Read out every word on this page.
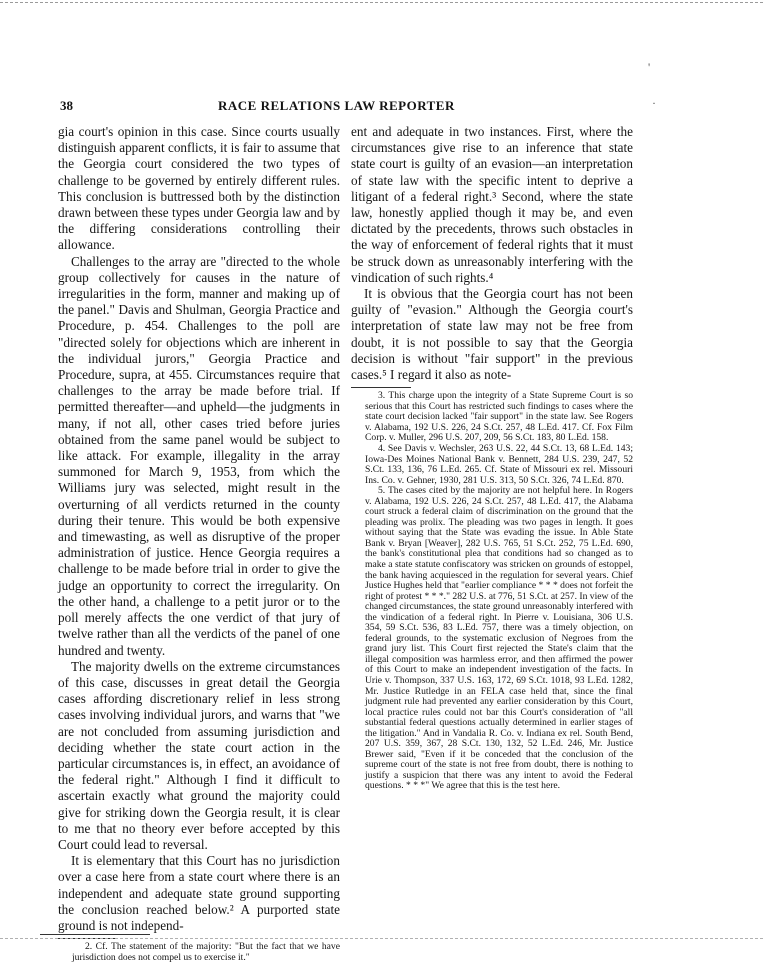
38	RACE RELATIONS LAW REPORTER
'
·

gia court's opinion in this case. Since courts usually distinguish apparent conflicts, it is fair to assume that the Georgia court considered the two types of challenge to be governed by entirely different rules. This conclusion is buttressed both by the distinction drawn between these types under Georgia law and by the differing considerations controlling their allowance.

Challenges to the array are "directed to the whole group collectively for causes in the nature of irregularities in the form, manner and making up of the panel." Davis and Shulman, Georgia Practice and Procedure, p. 454. Challenges to the poll are "directed solely for objections which are inherent in the individual jurors," Georgia Practice and Procedure, supra, at 455. Circumstances require that challenges to the array be made before trial. If permitted thereafter—and upheld—the judgments in many, if not all, other cases tried before juries obtained from the same panel would be subject to like attack. For example, illegality in the array summoned for March 9, 1953, from which the Williams jury was selected, might result in the overturning of all verdicts returned in the county during their tenure. This would be both expensive and timewasting, as well as disruptive of the proper administration of justice. Hence Georgia requires a challenge to be made before trial in order to give the judge an opportunity to correct the irregularity. On the other hand, a challenge to a petit juror or to the poll merely affects the one verdict of that jury of twelve rather than all the verdicts of the panel of one hundred and twenty.

The majority dwells on the extreme circumstances of this case, discusses in great detail the Georgia cases affording discretionary relief in less strong cases involving individual jurors, and warns that "we are not concluded from assuming jurisdiction and deciding whether the state court action in the particular circumstances is, in effect, an avoidance of the federal right." Although I find it difficult to ascertain exactly what ground the majority could give for striking down the Georgia result, it is clear to me that no theory ever before accepted by this Court could lead to reversal.

It is elementary that this Court has no jurisdiction over a case here from a state court where there is an independent and adequate state ground supporting the conclusion reached below.² A purported state ground is not independ-

2. Cf. The statement of the majority: "But the fact that we have jurisdiction does not compel us to exercise it."

ent and adequate in two instances. First, where the circumstances give rise to an inference that state state court is guilty of an evasion—an interpretation of state law with the specific intent to deprive a litigant of a federal right.³ Second, where the state law, honestly applied though it may be, and even dictated by the precedents, throws such obstacles in the way of enforcement of federal rights that it must be struck down as unreasonably interfering with the vindication of such rights.⁴

It is obvious that the Georgia court has not been guilty of "evasion." Although the Georgia court's interpretation of state law may not be free from doubt, it is not possible to say that the Georgia decision is without "fair support" in the previous cases.⁵ I regard it also as note-

3. This charge upon the integrity of a State Supreme Court is so serious that this Court has restricted such findings to cases where the state court decision lacked "fair support" in the state law. See Rogers v. Alabama, 192 U.S. 226, 24 S.Ct. 257, 48 L.Ed. 417. Cf. Fox Film Corp. v. Muller, 296 U.S. 207, 209, 56 S.Ct. 183, 80 L.Ed. 158.

4. See Davis v. Wechsler, 263 U.S. 22, 44 S.Ct. 13, 68 L.Ed. 143; Iowa-Des Moines National Bank v. Bennett, 284 U.S. 239, 247, 52 S.Ct. 133, 136, 76 L.Ed. 265. Cf. State of Missouri ex rel. Missouri Ins. Co. v. Gehner, 1930, 281 U.S. 313, 50 S.Ct. 326, 74 L.Ed. 870.

5. The cases cited by the majority are not helpful here. In Rogers v. Alabama, 192 U.S. 226, 24 S.Ct. 257, 48 L.Ed. 417, the Alabama court struck a federal claim of discrimination on the ground that the pleading was prolix. The pleading was two pages in length. It goes without saying that the State was evading the issue. In Able State Bank v. Bryan [Weaver], 282 U.S. 765, 51 S.Ct. 252, 75 L.Ed. 690, the bank's constitutional plea that conditions had so changed as to make a state statute confiscatory was stricken on grounds of estoppel, the bank having acquiesced in the regulation for several years. Chief Justice Hughes held that "earlier compliance * * * does not forfeit the right of protest * * *." 282 U.S. at 776, 51 S.Ct. at 257. In view of the changed circumstances, the state ground unreasonably interfered with the vindication of a federal right. In Pierre v. Louisiana, 306 U.S. 354, 59 S.Ct. 536, 83 L.Ed. 757, there was a timely objection, on federal grounds, to the systematic exclusion of Negroes from the grand jury list. This Court first rejected the State's claim that the illegal composition was harmless error, and then affirmed the power of this Court to make an independent investigation of the facts. In Urie v. Thompson, 337 U.S. 163, 172, 69 S.Ct. 1018, 93 L.Ed. 1282, Mr. Justice Rutledge in an FELA case held that, since the final judgment rule had prevented any earlier consideration by this Court, local practice rules could not bar this Court's consideration of "all substantial federal questions actually determined in earlier stages of the litigation." And in Vandalia R. Co. v. Indiana ex rel. South Bend, 207 U.S. 359, 367, 28 S.Ct. 130, 132, 52 L.Ed. 246, Mr. Justice Brewer said, "Even if it be conceded that the conclusion of the supreme court of the state is not free from doubt, there is nothing to justify a suspicion that there was any intent to avoid the Federal questions. * * *" We agree that this is the test here.
